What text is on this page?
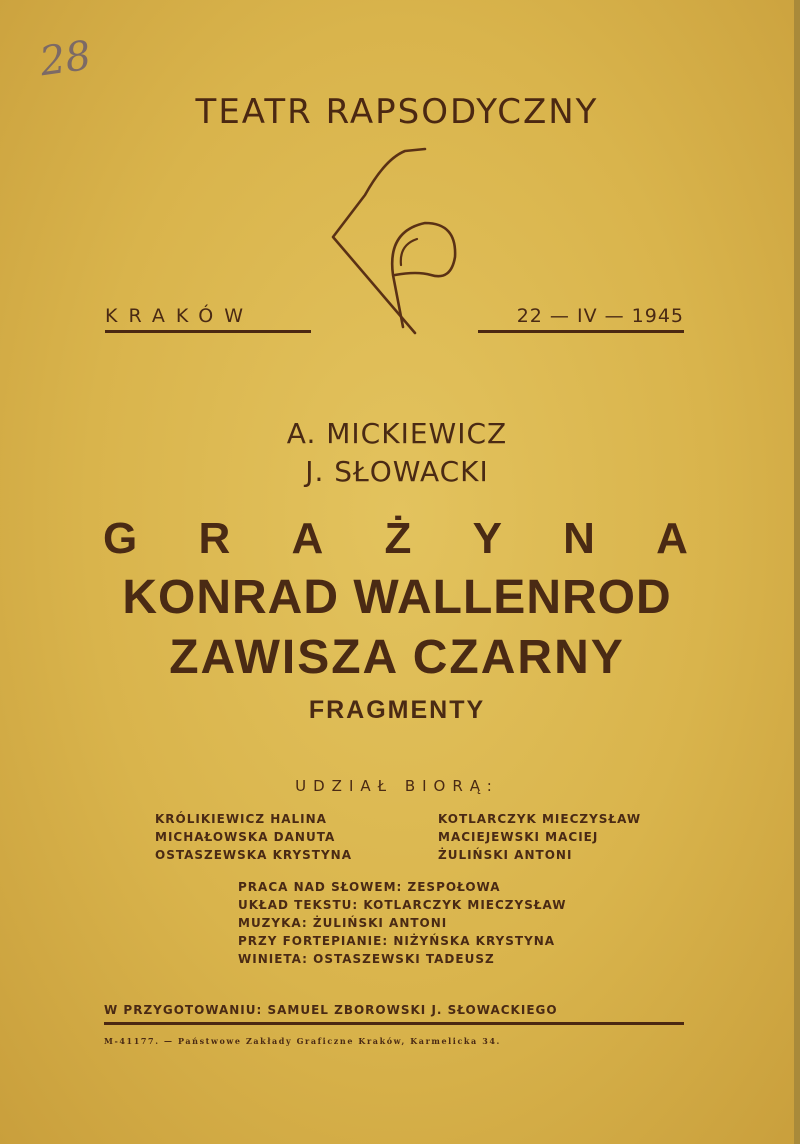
28
TEATR RAPSODYCZNY
KRAKÓW	22 — IV — 1945
A. MICKIEWICZ
J. SŁOWACKI
G R A Ż Y N A
KONRAD WALLENROD
ZAWISZA CZARNY
FRAGMENTY
UDZIAŁ BIORĄ:
KRÓLIKIEWICZ HALINA
MICHAŁOWSKA DANUTA
OSTASZEWSKA KRYSTYNA
KOTLARCZYK MIECZYSŁAW
MACIEJEWSKI MACIEJ
ŻULIŃSKI ANTONI
PRACA NAD SŁOWEM: ZESPOŁOWA
UKŁAD TEKSTU: KOTLARCZYK MIECZYSŁAW
MUZYKA: ŻULIŃSKI ANTONI
PRZY FORTEPIANIE: NIŻYŃSKA KRYSTYNA
WINIETA: OSTASZEWSKI TADEUSZ
W PRZYGOTOWANIU: SAMUEL ZBOROWSKI J. SŁOWACKIEGO
M-41177. — Państwowe Zakłady Graficzne Kraków, Karmelicka 34.
